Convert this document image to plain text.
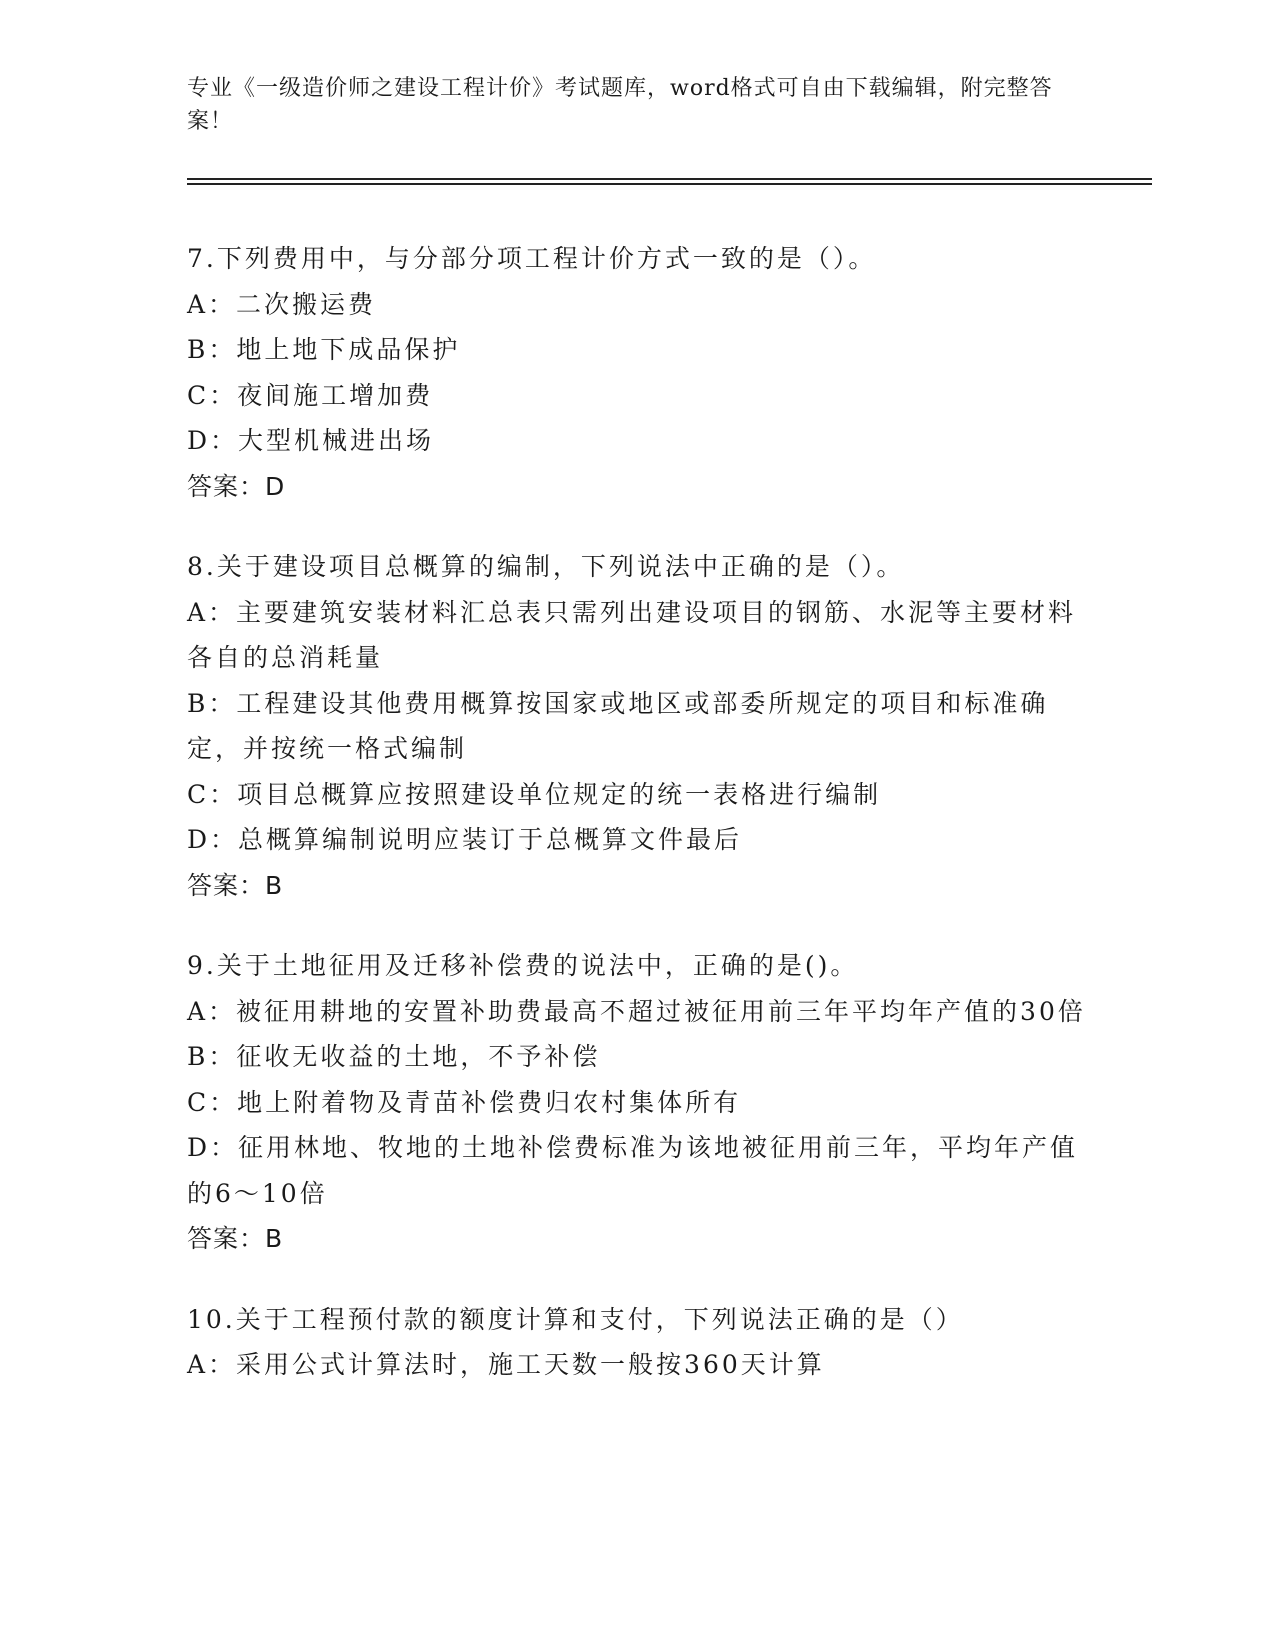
专业《一级造价师之建设工程计价》考试题库，word格式可自由下载编辑，附完整答案！
7.下列费用中，与分部分项工程计价方式一致的是（）。
A：二次搬运费
B：地上地下成品保护
C：夜间施工增加费
D：大型机械进出场
答案：D
8.关于建设项目总概算的编制，下列说法中正确的是（）。
A：主要建筑安装材料汇总表只需列出建设项目的钢筋、水泥等主要材料各自的总消耗量
B：工程建设其他费用概算按国家或地区或部委所规定的项目和标准确定，并按统一格式编制
C：项目总概算应按照建设单位规定的统一表格进行编制
D：总概算编制说明应装订于总概算文件最后
答案：B
9.关于土地征用及迁移补偿费的说法中，正确的是()。
A：被征用耕地的安置补助费最高不超过被征用前三年平均年产值的30倍
B：征收无收益的土地，不予补偿
C：地上附着物及青苗补偿费归农村集体所有
D：征用林地、牧地的土地补偿费标准为该地被征用前三年，平均年产值的6～10倍
答案：B
10.关于工程预付款的额度计算和支付，下列说法正确的是（）
A：采用公式计算法时，施工天数一般按360天计算
